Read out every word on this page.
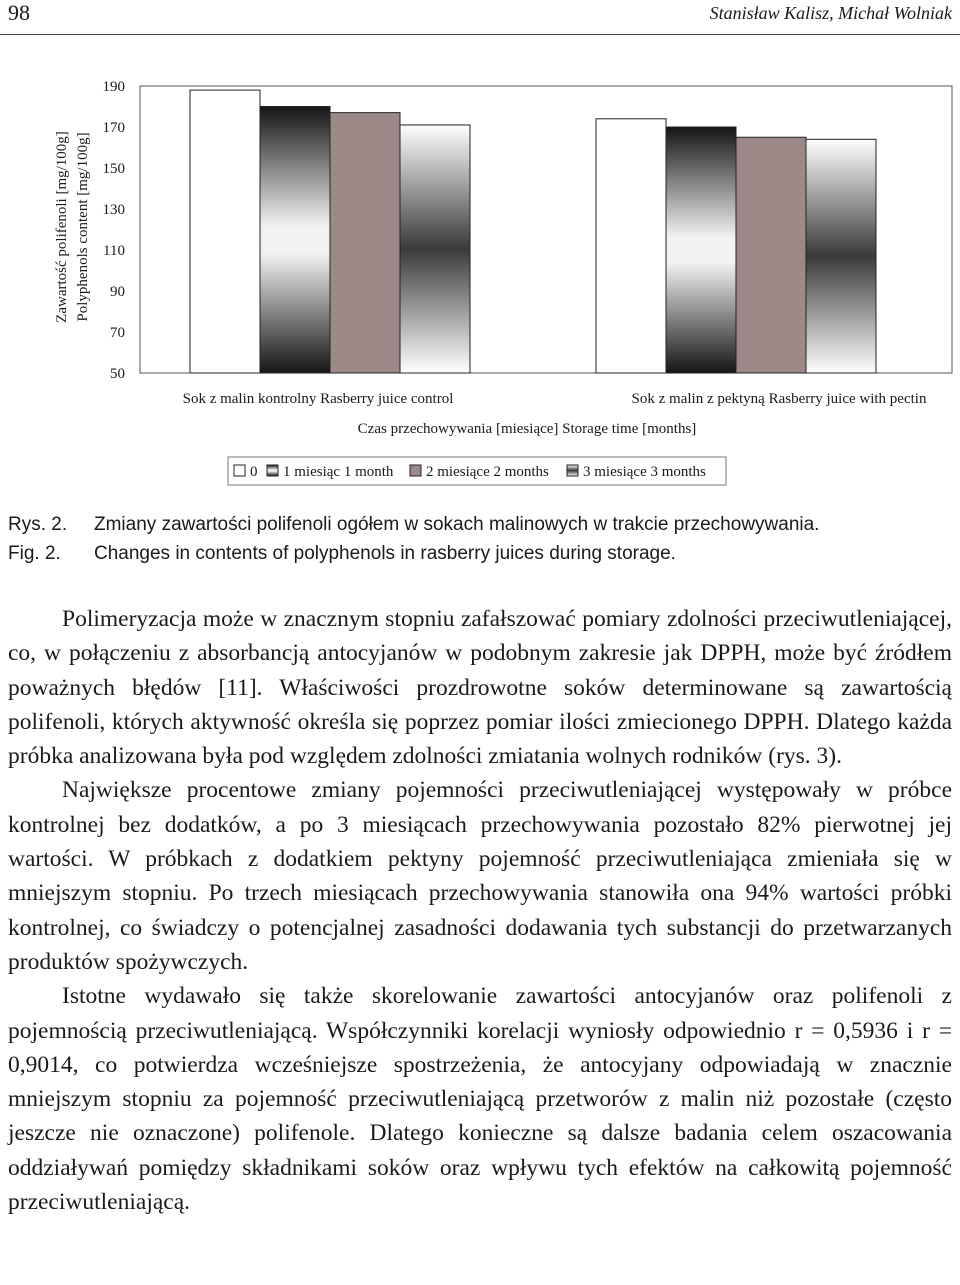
98	Stanisław Kalisz, Michał Wolniak
190
170
150
130
110
90
70
50
Sok z malin kontrolny Rasberry juice control	Sok z malin z pektyną Rasberry juice with pectin
Zawartość polifenoli [mg/100g] Polyphenols content [mg/100g]
Czas przechowywania [miesiące] Storage time [months]
0 1 miesiąc 1 month 2 miesiące 2 months 3 miesiące 3 months
Rys. 2.	Zmiany zawartości polifenoli ogółem w sokach malinowych w trakcie przechowywania.
Fig. 2.	Changes in contents of polyphenols in rasberry juices during storage.

Polimeryzacja może w znacznym stopniu zafałszować pomiary zdolności przeciwutleniającej, co, w połączeniu z absorbancją antocyjanów w podobnym zakresie jak DPPH, może być źródłem poważnych błędów [11]. Właściwości prozdrowotne soków determinowane są zawartością polifenoli, których aktywność określa się poprzez pomiar ilości zmiecionego DPPH. Dlatego każda próbka analizowana była pod względem zdolności zmiatania wolnych rodników (rys. 3).

Największe procentowe zmiany pojemności przeciwutleniającej występowały w próbce kontrolnej bez dodatków, a po 3 miesiącach przechowywania pozostało 82% pierwotnej jej wartości. W próbkach z dodatkiem pektyny pojemność przeciwutleniająca zmieniała się w mniejszym stopniu. Po trzech miesiącach przechowywania stanowiła ona 94% wartości próbki kontrolnej, co świadczy o potencjalnej zasadności dodawania tych substancji do przetwarzanych produktów spożywczych.

Istotne wydawało się także skorelowanie zawartości antocyjanów oraz polifenoli z pojemnością przeciwutleniającą. Współczynniki korelacji wyniosły odpowiednio r = 0,5936 i r = 0,9014, co potwierdza wcześniejsze spostrzeżenia, że antocyjany odpowiadają w znacznie mniejszym stopniu za pojemność przeciwutleniającą przetworów z malin niż pozostałe (często jeszcze nie oznaczone) polifenole. Dlatego konieczne są dalsze badania celem oszacowania oddziaływań pomiędzy składnikami soków oraz wpływu tych efektów na całkowitą pojemność przeciwutleniającą.
